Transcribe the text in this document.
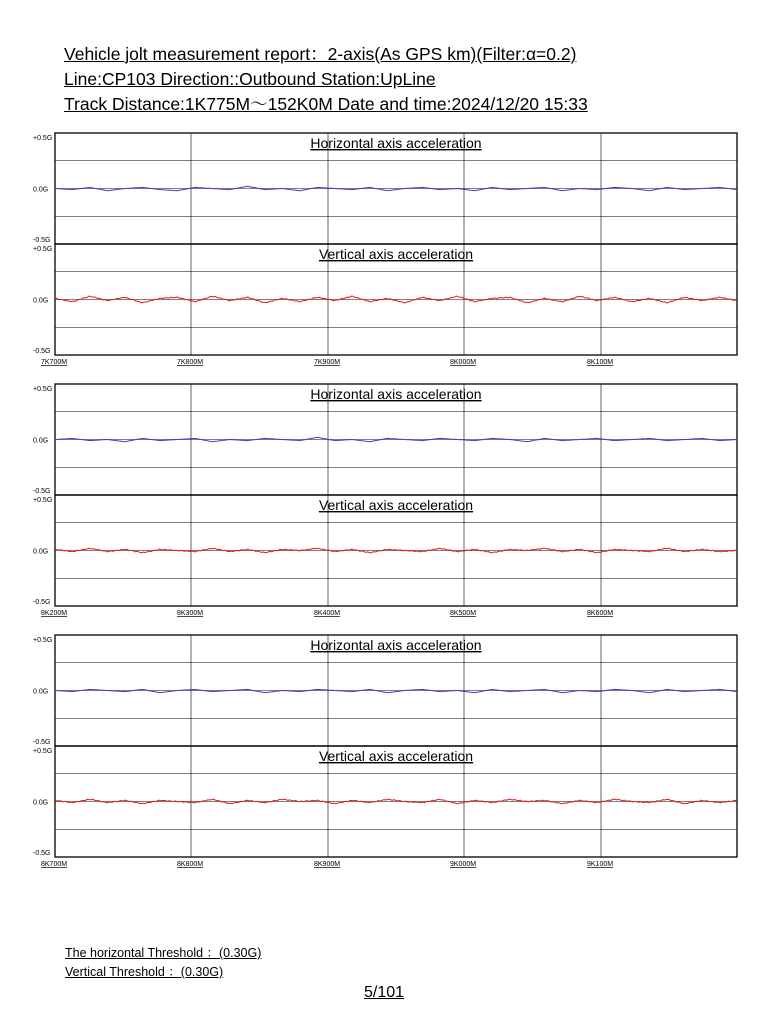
Vehicle jolt measurement report：2-axis(As GPS km)(Filter:α=0.2)
Line:CP103 Direction::Outbound Station:UpLine
Track Distance:1K775M〜152K0M Date and time:2024/12/20 15:33
+0.5G
0.0G
-0.5G
Horizontal axis acceleration
+0.5G
0.0G
-0.5G
Vertical axis acceleration
7K700M	7K800M	7K900M	8K000M	8K100M
+0.5G
0.0G
-0.5G
Horizontal axis acceleration
+0.5G
0.0G
-0.5G
Vertical axis acceleration
8K200M	8K300M	8K400M	8K500M	8K600M
+0.5G
0.0G
-0.5G
Horizontal axis acceleration
+0.5G
0.0G
-0.5G
Vertical axis acceleration
8K700M	8K800M	8K900M	9K000M	9K100M
The horizontal Threshold ：(0.30G)
Vertical Threshold ：(0.30G)
5/101
